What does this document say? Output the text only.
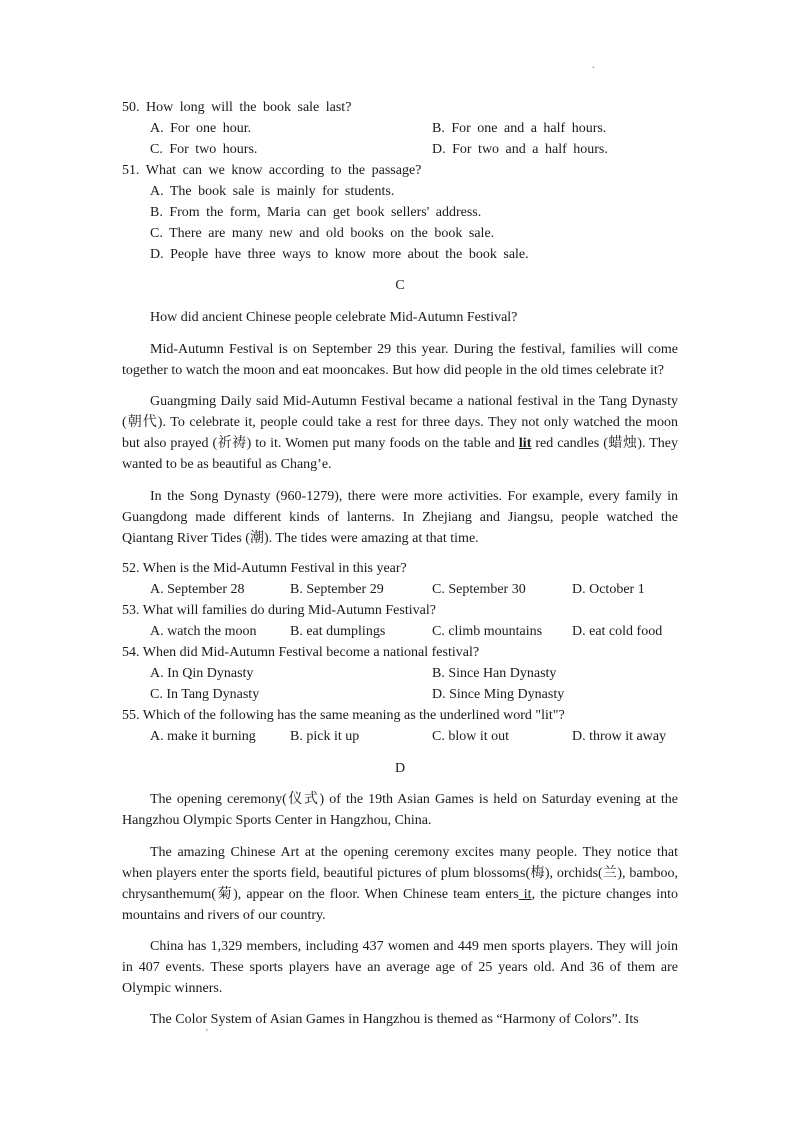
.
50. How long will the book sale last?
A. For one hour.	B. For one and a half hours.
C. For two hours.	D. For two and a half hours.
51. What can we know according to the passage?
A. The book sale is mainly for students.
B. From the form, Maria can get book sellers' address.
C. There are many new and old books on the book sale.
D. People have three ways to know more about the book sale.
C
How did ancient Chinese people celebrate Mid-Autumn Festival?
Mid-Autumn Festival is on September 29 this year. During the festival, families will come together to watch the moon and eat mooncakes. But how did people in the old times celebrate it?
Guangming Daily said Mid-Autumn Festival became a national festival in the Tang Dynasty (朝代). To celebrate it, people could take a rest for three days. They not only watched the moon but also prayed (祈祷) to it. Women put many foods on the table and lit red candles (蜡烛). They wanted to be as beautiful as Chang’e.
In the Song Dynasty (960-1279), there were more activities. For example, every family in Guangdong made different kinds of lanterns. In Zhejiang and Jiangsu, people watched the Qiantang River Tides (潮). The tides were amazing at that time.
52. When is the Mid-Autumn Festival in this year?
A. September 28	B. September 29	C. September 30	D. October 1
53. What will families do during Mid-Autumn Festival?
A. watch the moon B. eat dumplings	C. climb mountains D. eat cold food
54. When did Mid-Autumn Festival become a national festival?
A. In Qin Dynasty	B. Since Han Dynasty
C. In Tang Dynasty	D. Since Ming Dynasty
55. Which of the following has the same meaning as the underlined word "lit"?
A. make it burning B. pick it up	C. blow it out	D. throw it away
D
The opening ceremony(仪式) of the 19th Asian Games is held on Saturday evening at the Hangzhou Olympic Sports Center in Hangzhou, China.
The amazing Chinese Art at the opening ceremony excites many people. They notice that when players enter the sports field, beautiful pictures of plum blossoms(梅), orchids(兰), bamboo, chrysanthemum(菊), appear on the floor. When Chinese team enters it, the picture changes into mountains and rivers of our country.
China has 1,329 members, including 437 women and 449 men sports players. They will join in 407 events. These sports players have an average age of 25 years old. And 36 of them are Olympic winners.
The Color System of Asian Games in Hangzhou is themed as “Harmony of Colors”. Its
'
